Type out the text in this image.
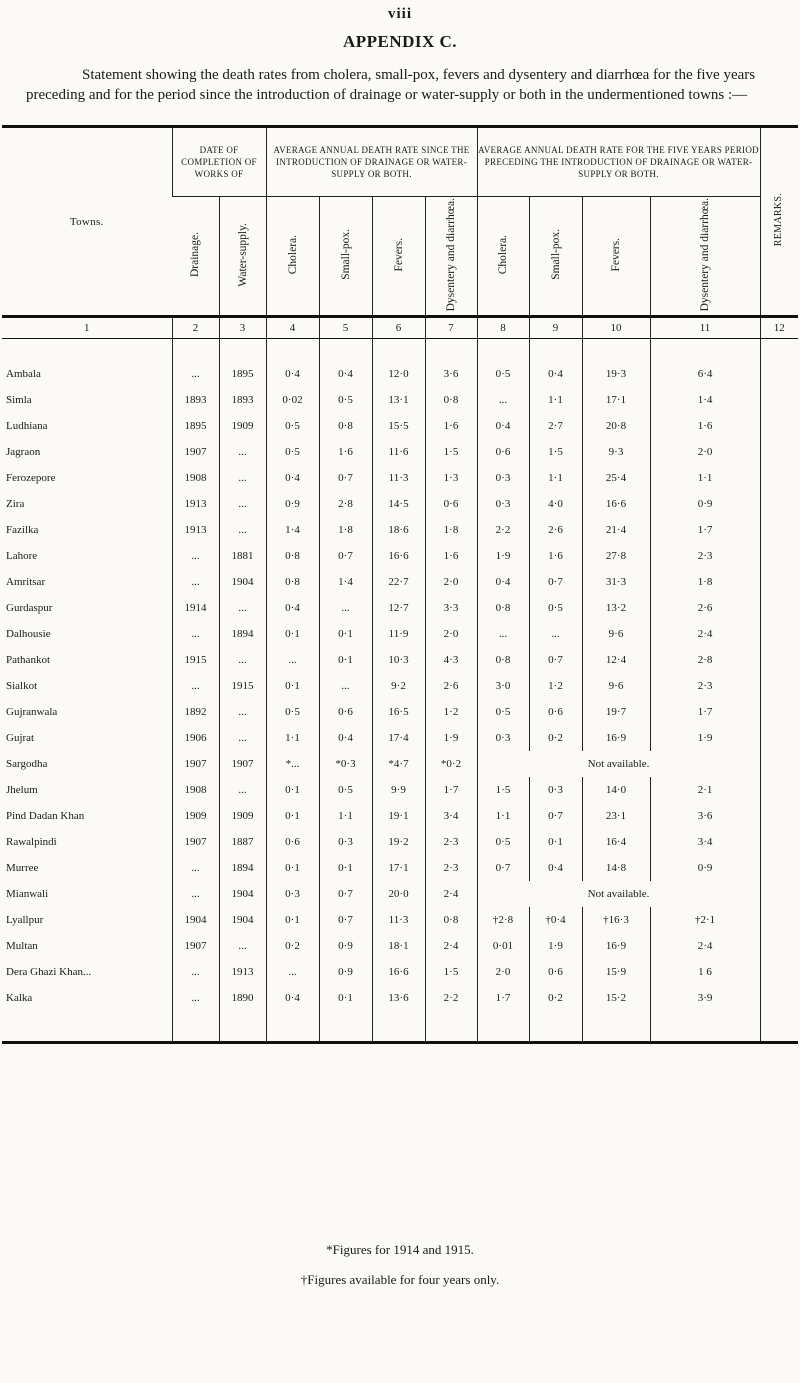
viii
APPENDIX C.
Statement showing the death rates from cholera, small-pox, fevers and dysentery and diarrhœa for the five years preceding and for the period since the introduction of drainage or water-supply or both in the undermentioned towns :—
Towns.	DATE OF COMPLETION OF WORKS OF		AVERAGE ANNUAL DEATH RATE SINCE THE INTRODUCTION OF DRAINAGE OR WATER-SUPPLY OR BOTH.				AVERAGE ANNUAL DEATH RATE FOR THE FIVE YEARS PERIOD PRECEDING THE INTRODUCTION OF DRAINAGE OR WATER-SUPPLY OR BOTH.				REMARKS.
	Drainage.	Water-supply.	Cholera.	Small-pox.	Fevers.	Dysentery and diarrhœa.	Cholera.	Small-pox.	Fevers.	Dysentery and diarrhœa.	
1	2	3	4	5	6	7	8	9	10	11	12

Ambala	...	1895	0·4	0·4	12·0	3·6	0·5	0·4	19·3	6·4	
Simla	1893	1893	0·02	0·5	13·1	0·8	...	1·1	17·1	1·4	
Ludhiana	1895	1909	0·5	0·8	15·5	1·6	0·4	2·7	20·8	1·6	
Jagraon	1907	...	0·5	1·6	11·6	1·5	0·6	1·5	9·3	2·0	
Ferozepore	1908	...	0·4	0·7	11·3	1·3	0·3	1·1	25·4	1·1	
Zira	1913	...	0·9	2·8	14·5	0·6	0·3	4·0	16·6	0·9	
Fazilka	1913	...	1·4	1·8	18·6	1·8	2·2	2·6	21·4	1·7	
Lahore	...	1881	0·8	0·7	16·6	1·6	1·9	1·6	27·8	2·3	
Amritsar	...	1904	0·8	1·4	22·7	2·0	0·4	0·7	31·3	1·8	
Gurdaspur	1914	...	0·4	...	12·7	3·3	0·8	0·5	13·2	2·6	
Dalhousie	...	1894	0·1	0·1	11·9	2·0	...	...	9·6	2·4	
Pathankot	1915	...	...	0·1	10·3	4·3	0·8	0·7	12·4	2·8	
Sialkot	...	1915	0·1	...	9·2	2·6	3·0	1·2	9·6	2·3	
Gujranwala	1892	...	0·5	0·6	16·5	1·2	0·5	0·6	19·7	1·7	
Gujrat	1906	...	1·1	0·4	17·4	1·9	0·3	0·2	16·9	1·9	
Sargodha	1907	1907	*...	*0·3	*4·7	*0·2	Not available.				
Jhelum	1908	...	0·1	0·5	9·9	1·7	1·5	0·3	14·0	2·1	
Pind Dadan Khan	1909	1909	0·1	1·1	19·1	3·4	1·1	0·7	23·1	3·6	
Rawalpindi	1907	1887	0·6	0·3	19·2	2·3	0·5	0·1	16·4	3·4	
Murree	...	1894	0·1	0·1	17·1	2·3	0·7	0·4	14·8	0·9	
Mianwali	...	1904	0·3	0·7	20·0	2·4	Not available.				
Lyallpur	1904	1904	0·1	0·7	11·3	0·8	†2·8	†0·4	†16·3	†2·1	
Multan	1907	...	0·2	0·9	18·1	2·4	0·01	1·9	16·9	2·4	
Dera Ghazi Khan...	...	1913	...	0·9	16·6	1·5	2·0	0·6	15·9	1 6	
Kalka	...	1890	0·4	0·1	13·6	2·2	1·7	0·2	15·2	3·9	

*Figures for 1914 and 1915.
†Figures available for four years only.
